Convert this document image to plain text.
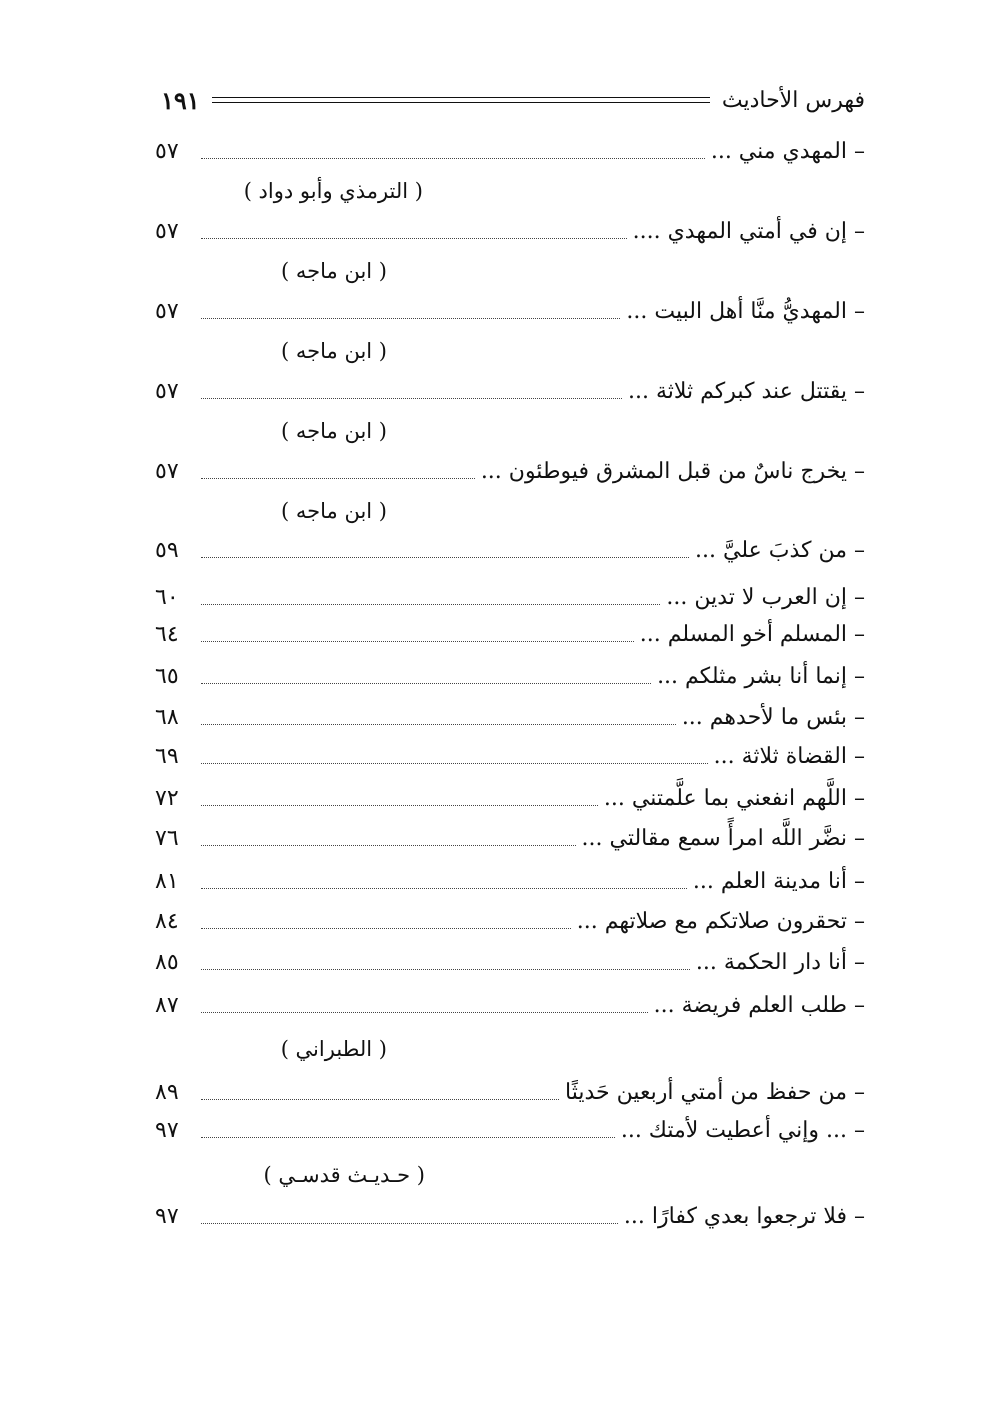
فهرس الأحاديث
١٩١
– المهدي مني ...
٥٧
( الترمذي وأبو دواد )
– إن في أمتي المهدي ....
٥٧
( ابن ماجه )
– المهديُّ منَّا أهل البيت ...
٥٧
( ابن ماجه )
– يقتتل عند كبركم ثلاثة ...
٥٧
( ابن ماجه )
– يخرج ناسٌ من قبل المشرق فيوطئون ...
٥٧
( ابن ماجه )
– من كذبَ عليَّ ...
٥٩
– إن العرب لا تدين ...
٦٠
– المسلم أخو المسلم ...
٦٤
– إنما أنا بشر مثلكم ...
٦٥
– بئس ما لأحدهم ...
٦٨
– القضاة ثلاثة ...
٦٩
– اللَّهم انفعني بما علَّمتني ...
٧٢
– نضَّر اللَّه امرأً سمع مقالتي ...
٧٦
– أنا مدينة العلم ...
٨١
– تحقرون صلاتكم مع صلاتهم ...
٨٤
– أنا دار الحكمة ...
٨٥
– طلب العلم فريضة ...
٨٧
( الطبراني )
– من حفظ من أمتي أربعين حَديثًا
٨٩
– ... وإني أعطيت لأمتك ...
٩٧
( حـديـث قدسـي )
– فلا ترجعوا بعدي كفارًا ...
٩٧
